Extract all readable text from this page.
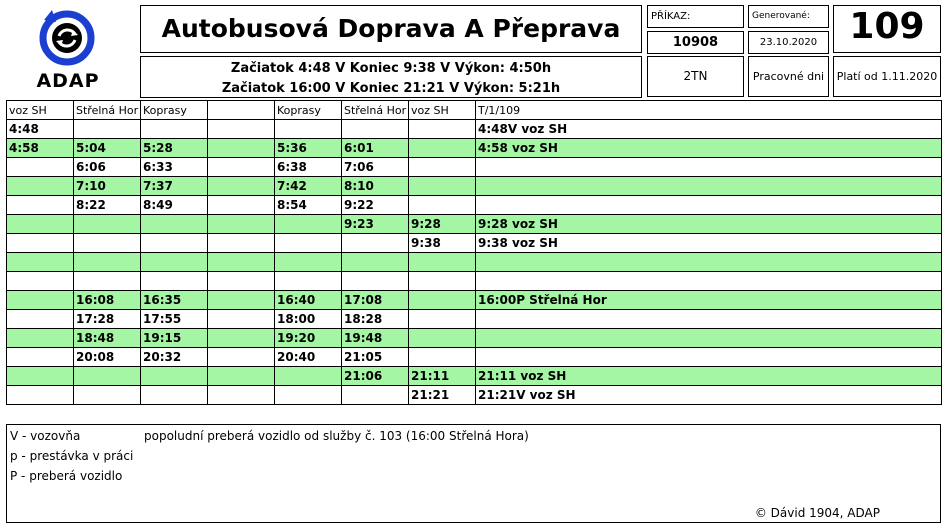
ADAP
Autobusová Doprava A Přeprava
Začiatok 4:48 V Koniec 9:38 V Výkon: 4:50h
Začiatok 16:00 V Koniec 21:21 V Výkon: 5:21h
PŘÍKAZ:
10908
Generované:
23.10.2020 109
2TN	Pracovné dni	Platí od 1.11.2020
voz SH	Střelná Hor	Koprasy		Koprasy	Střelná Hor	voz SH	T/1/109
4:48							4:48V voz SH
4:58	5:04	5:28		5:36	6:01		4:58 voz SH
	6:06	6:33		6:38	7:06		
	7:10	7:37		7:42	8:10		
	8:22	8:49		8:54	9:22		
					9:23	9:28	9:28 voz SH
						9:38	9:38 voz SH

	16:08	16:35		16:40	17:08		16:00P Střelná Hor
	17:28	17:55		18:00	18:28		
	18:48	19:15		19:20	19:48		
	20:08	20:32		20:40	21:05		
					21:06	21:11	21:11 voz SH
						21:21	21:21V voz SH
V - vozovňa
p - prestávka v práci
P - preberá vozidlo
popoludní preberá vozidlo od služby č. 103 (16:00 Střelná Hora)
© Dávid 1904, ADAP
